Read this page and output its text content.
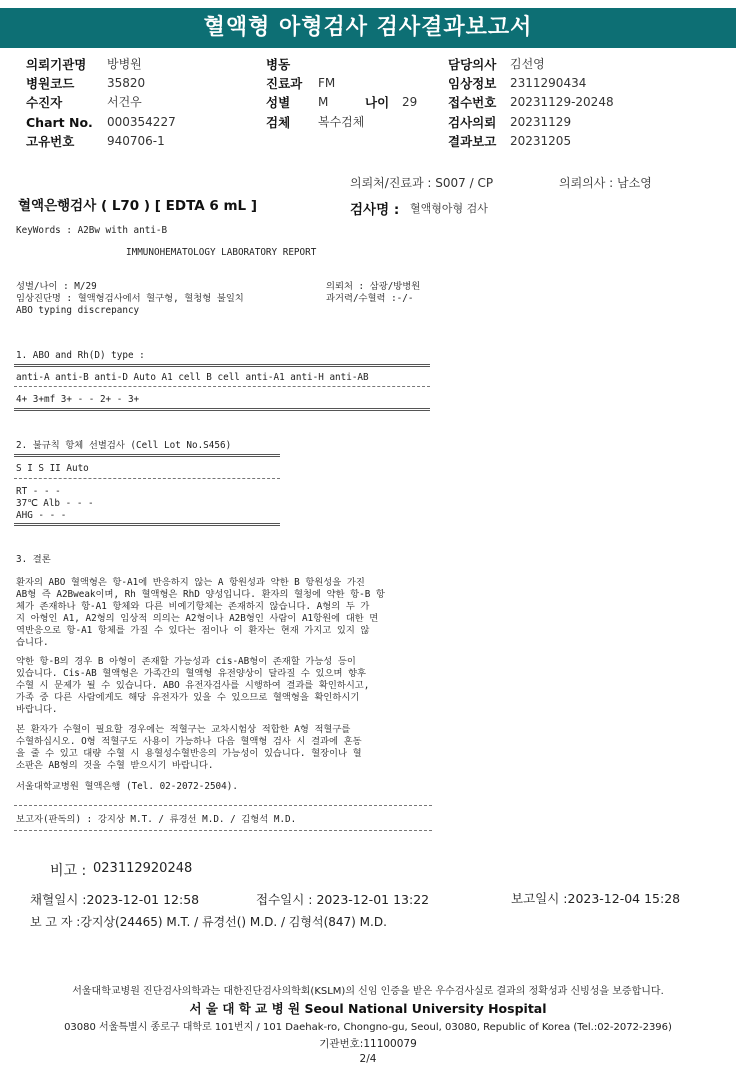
혈액형 아형검사 검사결과보고서
의뢰기관명 방병원
병원코드	35820
수진자	서건우
Chart No. 000354227
고유번호	940706-1
병동
진료과 FM
성별 M	나이 29
검체 복수검체
담당의사 김선영
임상정보 2311290434
접수번호 20231129-20248
검사의뢰 20231129
결과보고 20231205
의뢰처/진료과 : S007 / CP	의뢰의사 : 남소영
혈액은행검사 ( L70 ) [ EDTA 6 mL ]	검사명 : 혈액형아형 검사
KeyWords : A2Bw with anti-B
IMMUNOHEMATOLOGY LABORATORY REPORT
성별/나이 : M/29	의뢰처 : 삼광/방병원
임상진단명 : 혈액형검사에서 혈구형, 혈청형 불일치	과거력/수혈력 :-/-
ABO typing discrepancy
1. ABO and Rh(D) type :
anti-A anti-B anti-D Auto A1 cell B cell anti-A1 anti-H anti-AB
4+ 3+mf 3+ - - 2+ - 3+
2. 불규칙 항체 선별검사 (Cell Lot No.S456)
S I S II Auto
RT - - -
37℃ Alb - - -
AHG - - -
3. 결론
환자의 ABO 혈액형은 항-A1에 반응하지 않는 A 항원성과 약한 B 항원성을 가진
AB형 즉 A2Bweak이며, Rh 혈액형은 RhD 양성입니다. 환자의 혈청에 약한 항-B 항
체가 존재하나 항-A1 항체와 다른 비예기항체는 존재하지 않습니다. A형의 두 가
지 아형인 A1, A2형의 임상적 의의는 A2형이나 A2B형인 사람이 A1항원에 대한 면
역반응으로 항-A1 항체를 가질 수 있다는 점이나 이 환자는 현재 가지고 있지 않
습니다.
약한 항-B의 경우 B 아형이 존재할 가능성과 cis-AB형이 존재할 가능성 등이
있습니다. Cis-AB 혈액형은 가족간의 혈액형 유전양상이 달라질 수 있으며 향후
수혈 시 문제가 될 수 있습니다. ABO 유전자검사를 시행하여 결과를 확인하시고,
가족 중 다른 사람에게도 해당 유전자가 있을 수 있으므로 혈액형을 확인하시기
바랍니다.
본 환자가 수혈이 필요할 경우에는 적혈구는 교차시험상 적합한 A형 적혈구를
수혈하십시오. O형 적혈구도 사용이 가능하나 다음 혈액형 검사 시 결과에 혼동
을 줄 수 있고 대량 수혈 시 용혈성수혈반응의 가능성이 있습니다. 혈장이나 혈
소판은 AB형의 것을 수혈 받으시기 바랍니다.
서울대학교병원 혈액은행 (Tel. 02-2072-2504).
보고자(판독의) : 강지상 M.T. / 류경선 M.D. / 김형석 M.D.
비고 : 023112920248
채혈일시 :2023-12-01 12:58	접수일시 : 2023-12-01 13:22	보고일시 :2023-12-04 15:28
보 고 자 :강지상(24465) M.T. / 류경선() M.D. / 김형석(847) M.D.
서울대학교병원 진단검사의학과는 대한진단검사의학회(KSLM)의 신임 인증을 받은 우수검사실로 결과의 정확성과 신빙성을 보증합니다.
서 울 대 학 교 병 원 Seoul National University Hospital
03080 서울특별시 종로구 대학로 101번지 / 101 Daehak-ro, Chongno-gu, Seoul, 03080, Republic of Korea (Tel.:02-2072-2396)
기관번호:11100079
2/4
